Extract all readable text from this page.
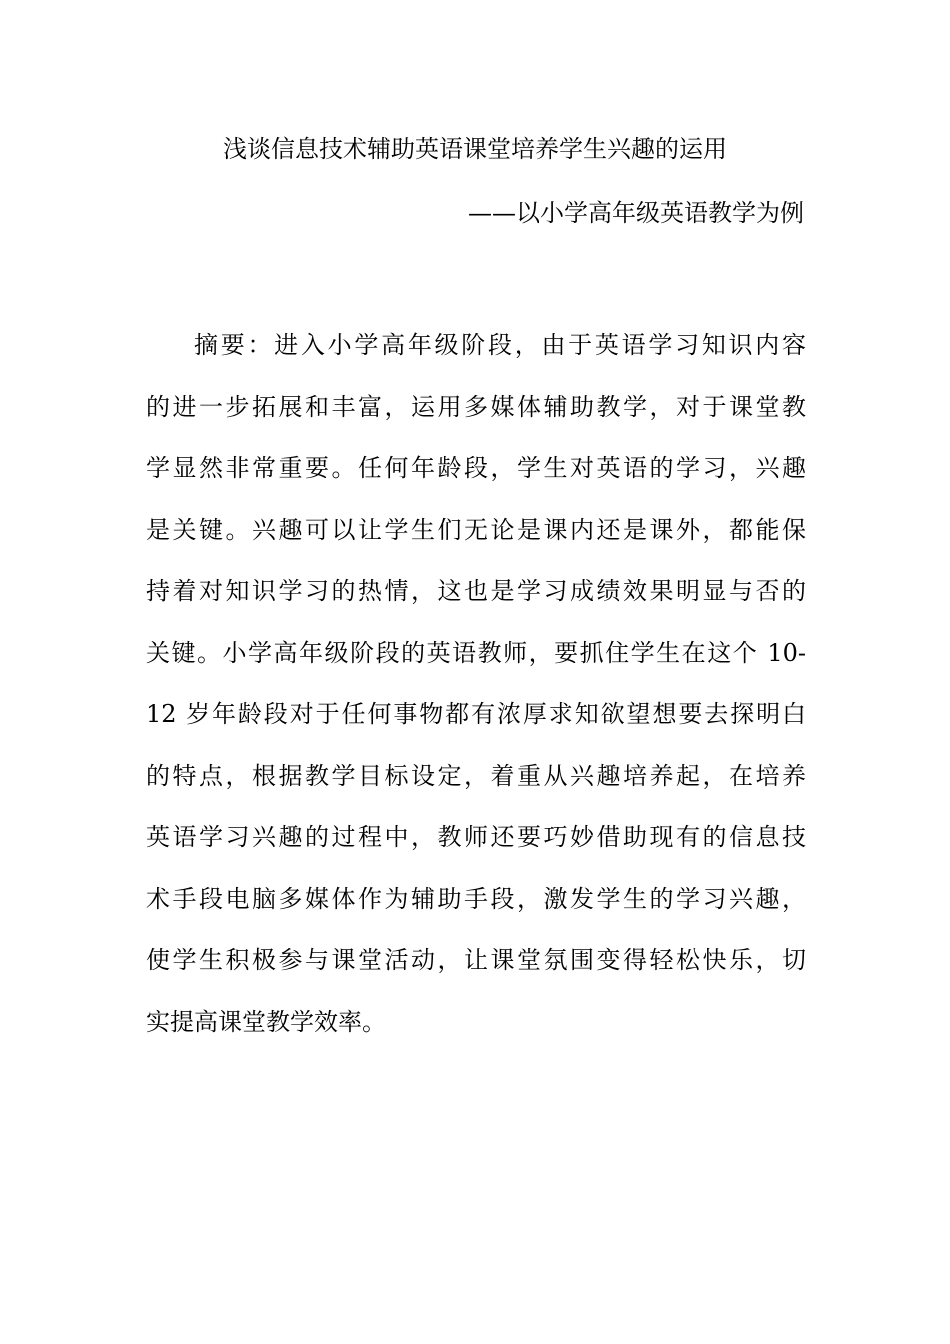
浅谈信息技术辅助英语课堂培养学生兴趣的运用
——以小学高年级英语教学为例
摘要：进入小学高年级阶段，由于英语学习知识内容
的进一步拓展和丰富，运用多媒体辅助教学，对于课堂教
学显然非常重要。任何年龄段，学生对英语的学习，兴趣
是关键。兴趣可以让学生们无论是课内还是课外，都能保
持着对知识学习的热情，这也是学习成绩效果明显与否的
关键。小学高年级阶段的英语教师，要抓住学生在这个 10-
12 岁年龄段对于任何事物都有浓厚求知欲望想要去探明白
的特点，根据教学目标设定，着重从兴趣培养起，在培养
英语学习兴趣的过程中，教师还要巧妙借助现有的信息技
术手段电脑多媒体作为辅助手段，激发学生的学习兴趣，
使学生积极参与课堂活动，让课堂氛围变得轻松快乐，切
实提高课堂教学效率。
